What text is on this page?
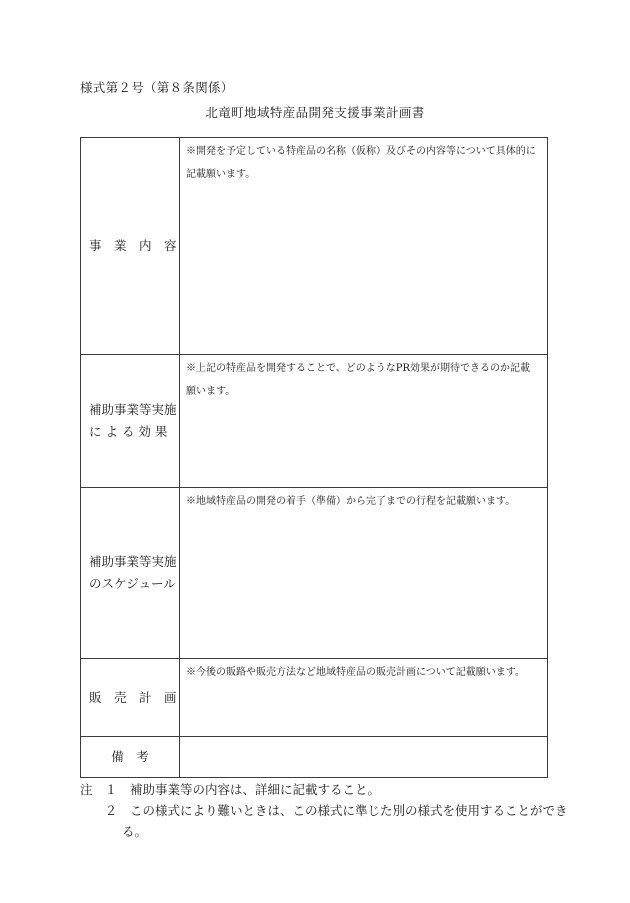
様式第２号（第８条関係）
北竜町地域特産品開発支援事業計画書
事　業　内　容	※開発を予定している特産品の名称（仮称）及びその内容等について具体的に記載願います。

補助事業等実施
に よ る 効 果	※上記の特産品を開発することで、どのようなPR効果が期待できるのか記載願います。

補助事業等実施
のスケジュール	※地域特産品の開発の着手（準備）から完了までの行程を記載願います。

販　売　計　画	※今後の販路や販売方法など地域特産品の販売計画について記載願います。

備　考	

注 １ 補助事業等の内容は、詳細に記載すること。
２ この様式により難いときは、この様式に準じた別の様式を使用することができ
る。
